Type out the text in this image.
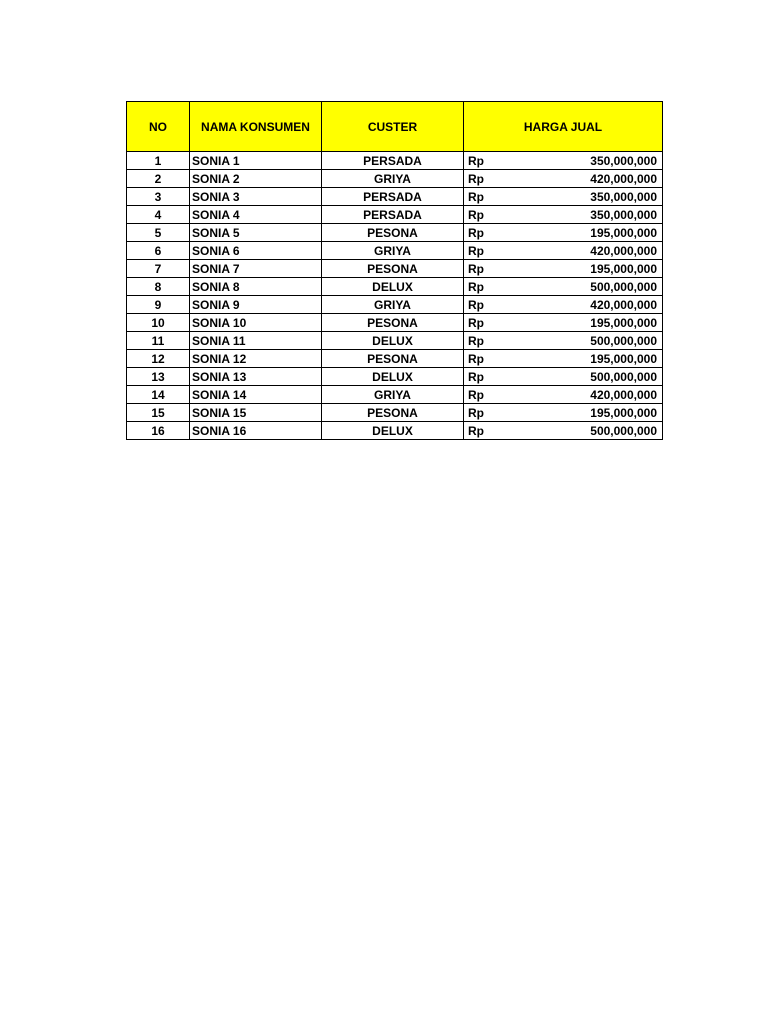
NO	NAMA KONSUMEN	CUSTER	HARGA JUAL	
1	SONIA 1	PERSADA	Rp	350,000,000
2	SONIA 2	GRIYA	Rp	420,000,000
3	SONIA 3	PERSADA	Rp	350,000,000
4	SONIA 4	PERSADA	Rp	350,000,000
5	SONIA 5	PESONA	Rp	195,000,000
6	SONIA 6	GRIYA	Rp	420,000,000
7	SONIA 7	PESONA	Rp	195,000,000
8	SONIA 8	DELUX	Rp	500,000,000
9	SONIA 9	GRIYA	Rp	420,000,000
10	SONIA 10	PESONA	Rp	195,000,000
11	SONIA 11	DELUX	Rp	500,000,000
12	SONIA 12	PESONA	Rp	195,000,000
13	SONIA 13	DELUX	Rp	500,000,000
14	SONIA 14	GRIYA	Rp	420,000,000
15	SONIA 15	PESONA	Rp	195,000,000
16	SONIA 16	DELUX	Rp	500,000,000
